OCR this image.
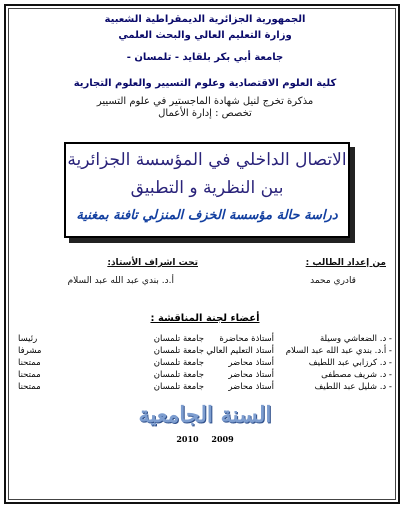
الجمهورية الجزائرية الديمقراطية الشعبية
وزارة التعليم العالي والبحث العلمي
جامعة أبي بكر بلقايد - تلمسان -
كلية العلوم الاقتصادية وعلوم التسيير والعلوم التجارية
مذكرة تخرج لنيل شهادة الماجستير في علوم التسيير
تخصص : إدارة الأعمال
الاتصال الداخلي في المؤسسة الجزائرية
بين النظرية و التطبيق
دراسة حالة مؤسسة الخزف المنزلي تافنة بمغنية
من إعداد الطالب :
قادري محمد
تحت اشراف الأستاذ:
أ.د. بندي عبد الله عبد السلام
أعضاء لجنة المناقشة :
- د. الضعاشي وسيلة
أستاذة محاضرة
جامعة تلمسان
رئيسا
- أ.د. بندي عبد الله عبد السلام
أستاذ التعليم العالي
جامعة تلمسان
مشرفا
- د. كرزابي عبد اللطيف
أستاذ محاضر
جامعة تلمسان
ممتحنا
- د. شريف مصطفى
أستاذ محاضر
جامعة تلمسان
ممتحنا
- د. شليل عبد اللطيف
أستاذ محاضر
جامعة تلمسان
ممتحنا
السنة الجامعية
2010 2009
